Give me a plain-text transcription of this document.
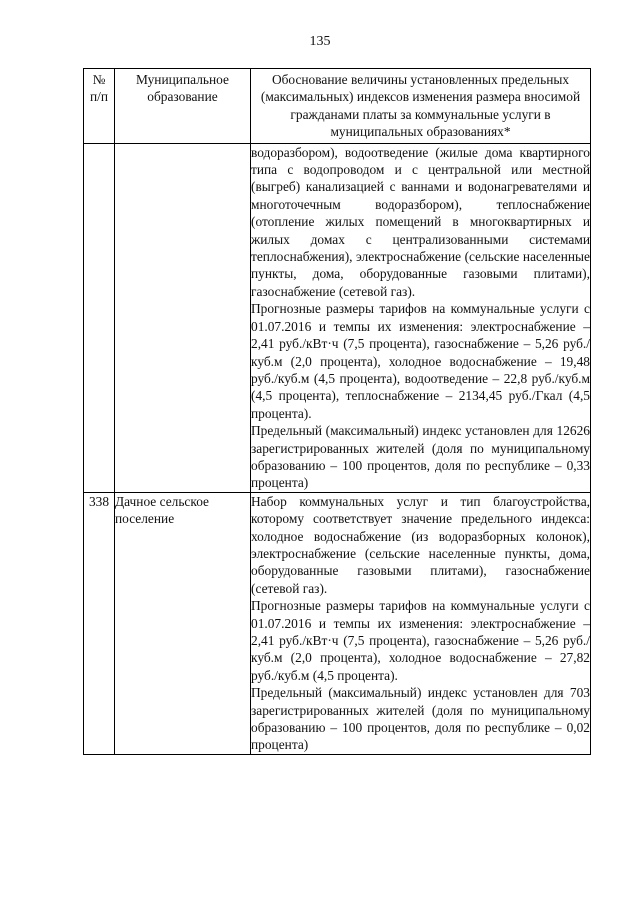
135
№ п/п	Муниципальное образование	Обоснование величины установленных предельных (максимальных) индексов изменения размера вносимой гражданами платы за коммунальные услуги в муниципальных образованиях*

		водоразбором), водоотведение (жилые дома квартирного типа с водопроводом и с центральной или местной (выгреб) канализацией с ваннами и водонагревателями и многоточечным водоразбором), теплоснабжение (отопление жилых помещений в многоквартирных и жилых домах с централизованными системами теплоснабжения), электроснабжение (сельские населенные пункты, дома, оборудованные газовыми плитами), газоснабжение (сетевой газ).

Прогнозные размеры тарифов на коммунальные услуги с 01.07.2016 и темпы их изменения: электроснабжение – 2,41 руб./кВт·ч (7,5 процента), газоснабжение – 5,26 руб./куб.м (2,0 процента), холодное водоснабжение – 19,48 руб./куб.м (4,5 процента), водоотведение – 22,8 руб./куб.м (4,5 процента), теплоснабжение – 2134,45 руб./Гкал (4,5 процента).

Предельный (максимальный) индекс установлен для 12626 зарегистрированных жителей (доля по муниципальному образованию – 100 процентов, доля по республике – 0,33 процента)

338	Дачное сельское поселение	Набор коммунальных услуг и тип благоустройства, которому соответствует значение предельного индекса: холодное водоснабжение (из водоразборных колонок), электроснабжение (сельские населенные пункты, дома, оборудованные газовыми плитами), газоснабжение (сетевой газ).

Прогнозные размеры тарифов на коммунальные услуги с 01.07.2016 и темпы их изменения: электроснабжение – 2,41 руб./кВт·ч (7,5 процента), газоснабжение – 5,26 руб./куб.м (2,0 процента), холодное водоснабжение – 27,82 руб./куб.м (4,5 процента).

Предельный (максимальный) индекс установлен для 703 зарегистрированных жителей (доля по муниципальному образованию – 100 процентов, доля по республике – 0,02 процента)
